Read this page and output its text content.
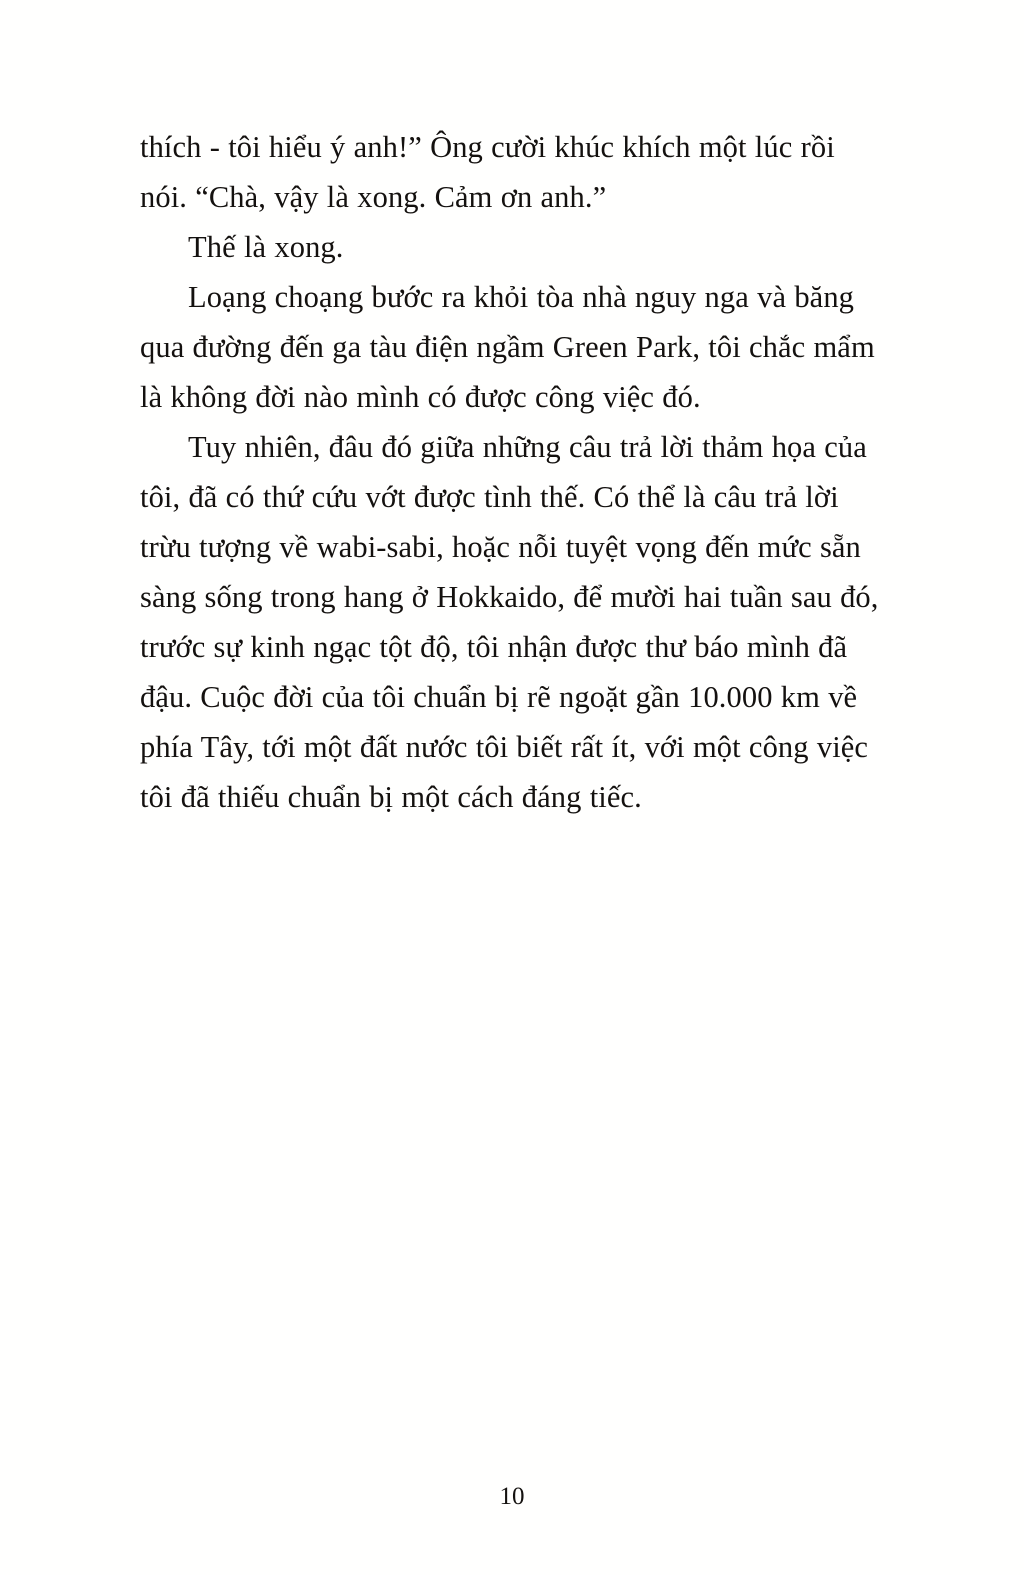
thích - tôi hiểu ý anh!” Ông cười khúc khích một lúc rồi nói. “Chà, vậy là xong. Cảm ơn anh.”

Thế là xong.

Loạng choạng bước ra khỏi tòa nhà nguy nga và băng qua đường đến ga tàu điện ngầm Green Park, tôi chắc mẩm là không đời nào mình có được công việc đó.

Tuy nhiên, đâu đó giữa những câu trả lời thảm họa của tôi, đã có thứ cứu vớt được tình thế. Có thể là câu trả lời trừu tượng về wabi-sabi, hoặc nỗi tuyệt vọng đến mức sẵn sàng sống trong hang ở Hokkaido, để mười hai tuần sau đó, trước sự kinh ngạc tột độ, tôi nhận được thư báo mình đã đậu. Cuộc đời của tôi chuẩn bị rẽ ngoặt gần 10.000 km về phía Tây, tới một đất nước tôi biết rất ít, với một công việc tôi đã thiếu chuẩn bị một cách đáng tiếc.

10
